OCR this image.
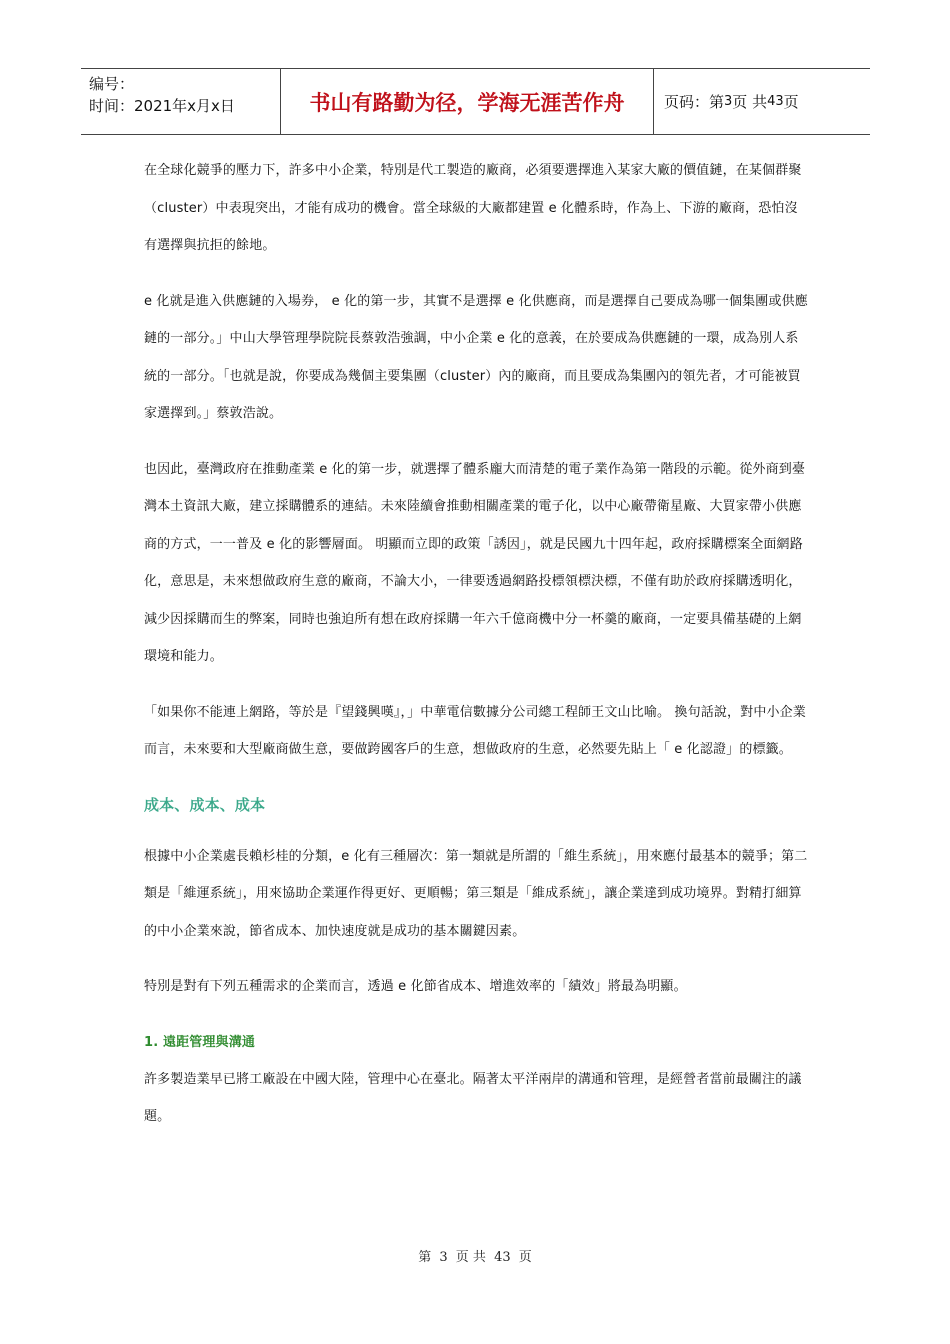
编号：
时间：2021年x月x日	书山有路勤为径，学海无涯苦作舟	页码：第 3 页 共 43 页

在全球化競爭的壓力下，許多中小企業，特別是代工製造的廠商，必須要選擇進入某家大廠的價值鏈，在某個群聚（cluster）中表現突出，才能有成功的機會。當全球級的大廠都建置 e 化體系時，作為上、下游的廠商，恐怕沒有選擇與抗拒的餘地。

e 化就是進入供應鏈的入場券， e 化的第一步，其實不是選擇 e 化供應商，而是選擇自己要成為哪一個集團或供應鏈的一部分。」中山大學管理學院院長蔡敦浩強調，中小企業 e 化的意義，在於要成為供應鏈的一環，成為別人系統的一部分。「也就是說，你要成為幾個主要集團（cluster）內的廠商，而且要成為集團內的領先者，才可能被買家選擇到。」蔡敦浩說。

也因此，臺灣政府在推動產業 e 化的第一步，就選擇了體系龐大而清楚的電子業作為第一階段的示範。從外商到臺灣本土資訊大廠，建立採購體系的連結。未來陸續會推動相關產業的電子化，以中心廠帶衛星廠、大買家帶小供應商的方式，一一普及 e 化的影響層面。 明顯而立即的政策「誘因」，就是民國九十四年起，政府採購標案全面網路化，意思是，未來想做政府生意的廠商，不論大小，一律要透過網路投標領標決標，不僅有助於政府採購透明化，減少因採購而生的弊案，同時也強迫所有想在政府採購一年六千億商機中分一杯羹的廠商，一定要具備基礎的上網環境和能力。

「如果你不能連上網路，等於是『望錢興嘆』，」中華電信數據分公司總工程師王文山比喻。 換句話說，對中小企業而言，未來要和大型廠商做生意，要做跨國客戶的生意，想做政府的生意，必然要先貼上「 e 化認證」的標籤。

成本、成本、成本

根據中小企業處長賴杉桂的分類，e 化有三種層次：第一類就是所謂的「維生系統」，用來應付最基本的競爭；第二類是「維運系統」，用來協助企業運作得更好、更順暢；第三類是「維成系統」，讓企業達到成功境界。對精打細算的中小企業來說，節省成本、加快速度就是成功的基本關鍵因素。

特別是對有下列五種需求的企業而言，透過 e 化節省成本、增進效率的「績效」將最為明顯。

1. 遠距管理與溝通

許多製造業早已將工廠設在中國大陸，管理中心在臺北。隔著太平洋兩岸的溝通和管理，是經營者當前最關注的議題。

第 3 页 共 43 页
